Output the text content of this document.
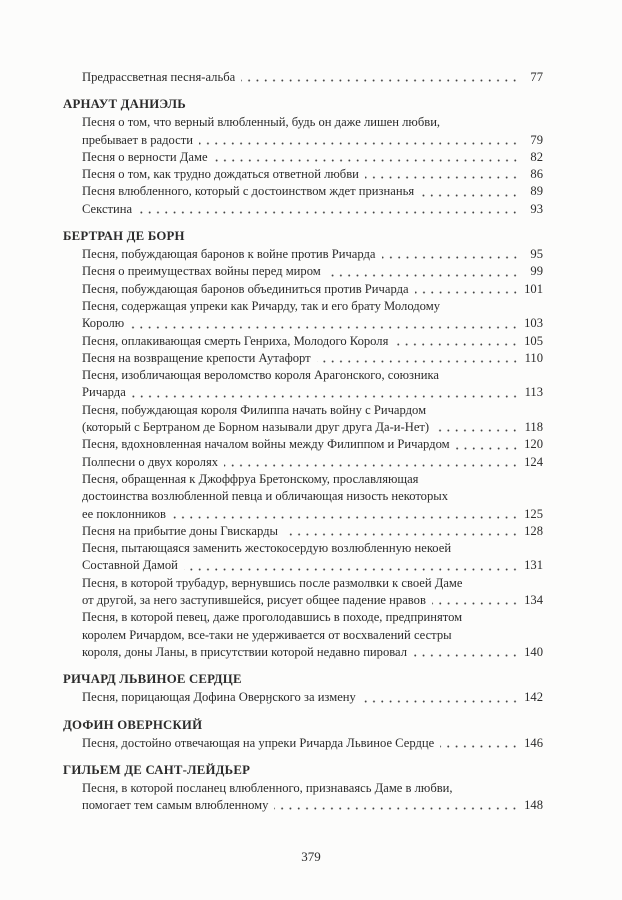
Предрассветная песня-альба	77
АРНАУТ ДАНИЭЛЬ
Песня о том, что верный влюбленный, будь он даже лишен любви,
пребывает в радости	79
Песня о верности Даме	82
Песня о том, как трудно дождаться ответной любви	86
Песня влюбленного, который с достоинством ждет признанья	89
Секстина	93
БЕРТРАН ДЕ БОРН
Песня, побуждающая баронов к войне против Ричарда	95
Песня о преимуществах войны перед миром	99
Песня, побуждающая баронов объединиться против Ричарда	101
Песня, содержащая упреки как Ричарду, так и его брату Молодому
Королю	103
Песня, оплакивающая смерть Генриха, Молодого Короля	105
Песня на возвращение крепости Аутафорт	110
Песня, изобличающая вероломство короля Арагонского, союзника
Ричарда	113
Песня, побуждающая короля Филиппа начать войну с Ричардом
(который с Бертраном де Борном называли друг друга Да-и-Нет)	118
Песня, вдохновленная началом войны между Филиппом и Ричардом	120
Полпесни о двух королях	124
Песня, обращенная к Джоффруа Бретонскому, прославляющая
достоинства возлюбленной певца и обличающая низость некоторых
ее поклонников	125
Песня на прибытие доны Гвискарды	128
Песня, пытающаяся заменить жестокосердую возлюбленную некоей
Составной Дамой	131
Песня, в которой трубадур, вернувшись после размолвки к своей Даме
от другой, за него заступившейся, рисует общее падение нравов	134
Песня, в которой певец, даже проголодавшись в походе, предпринятом
королем Ричардом, все-таки не удерживается от восхвалений сестры
короля, доны Ланы, в присутствии которой недавно пировал	140
РИЧАРД ЛЬВИНОЕ СЕРДЦЕ
Песня, порицающая Дофина Оверӈского за измену	142
ДОФИН ОВЕРНСКИЙ
Песня, достойно отвечающая на упреки Ричарда Львиное Сердце	146
ГИЛЬЕМ ДЕ САНТ-ЛЕЙДЬЕР
Песня, в которой посланец влюбленного, признаваясь Даме в любви,
помогает тем самым влюбленному	148
379
